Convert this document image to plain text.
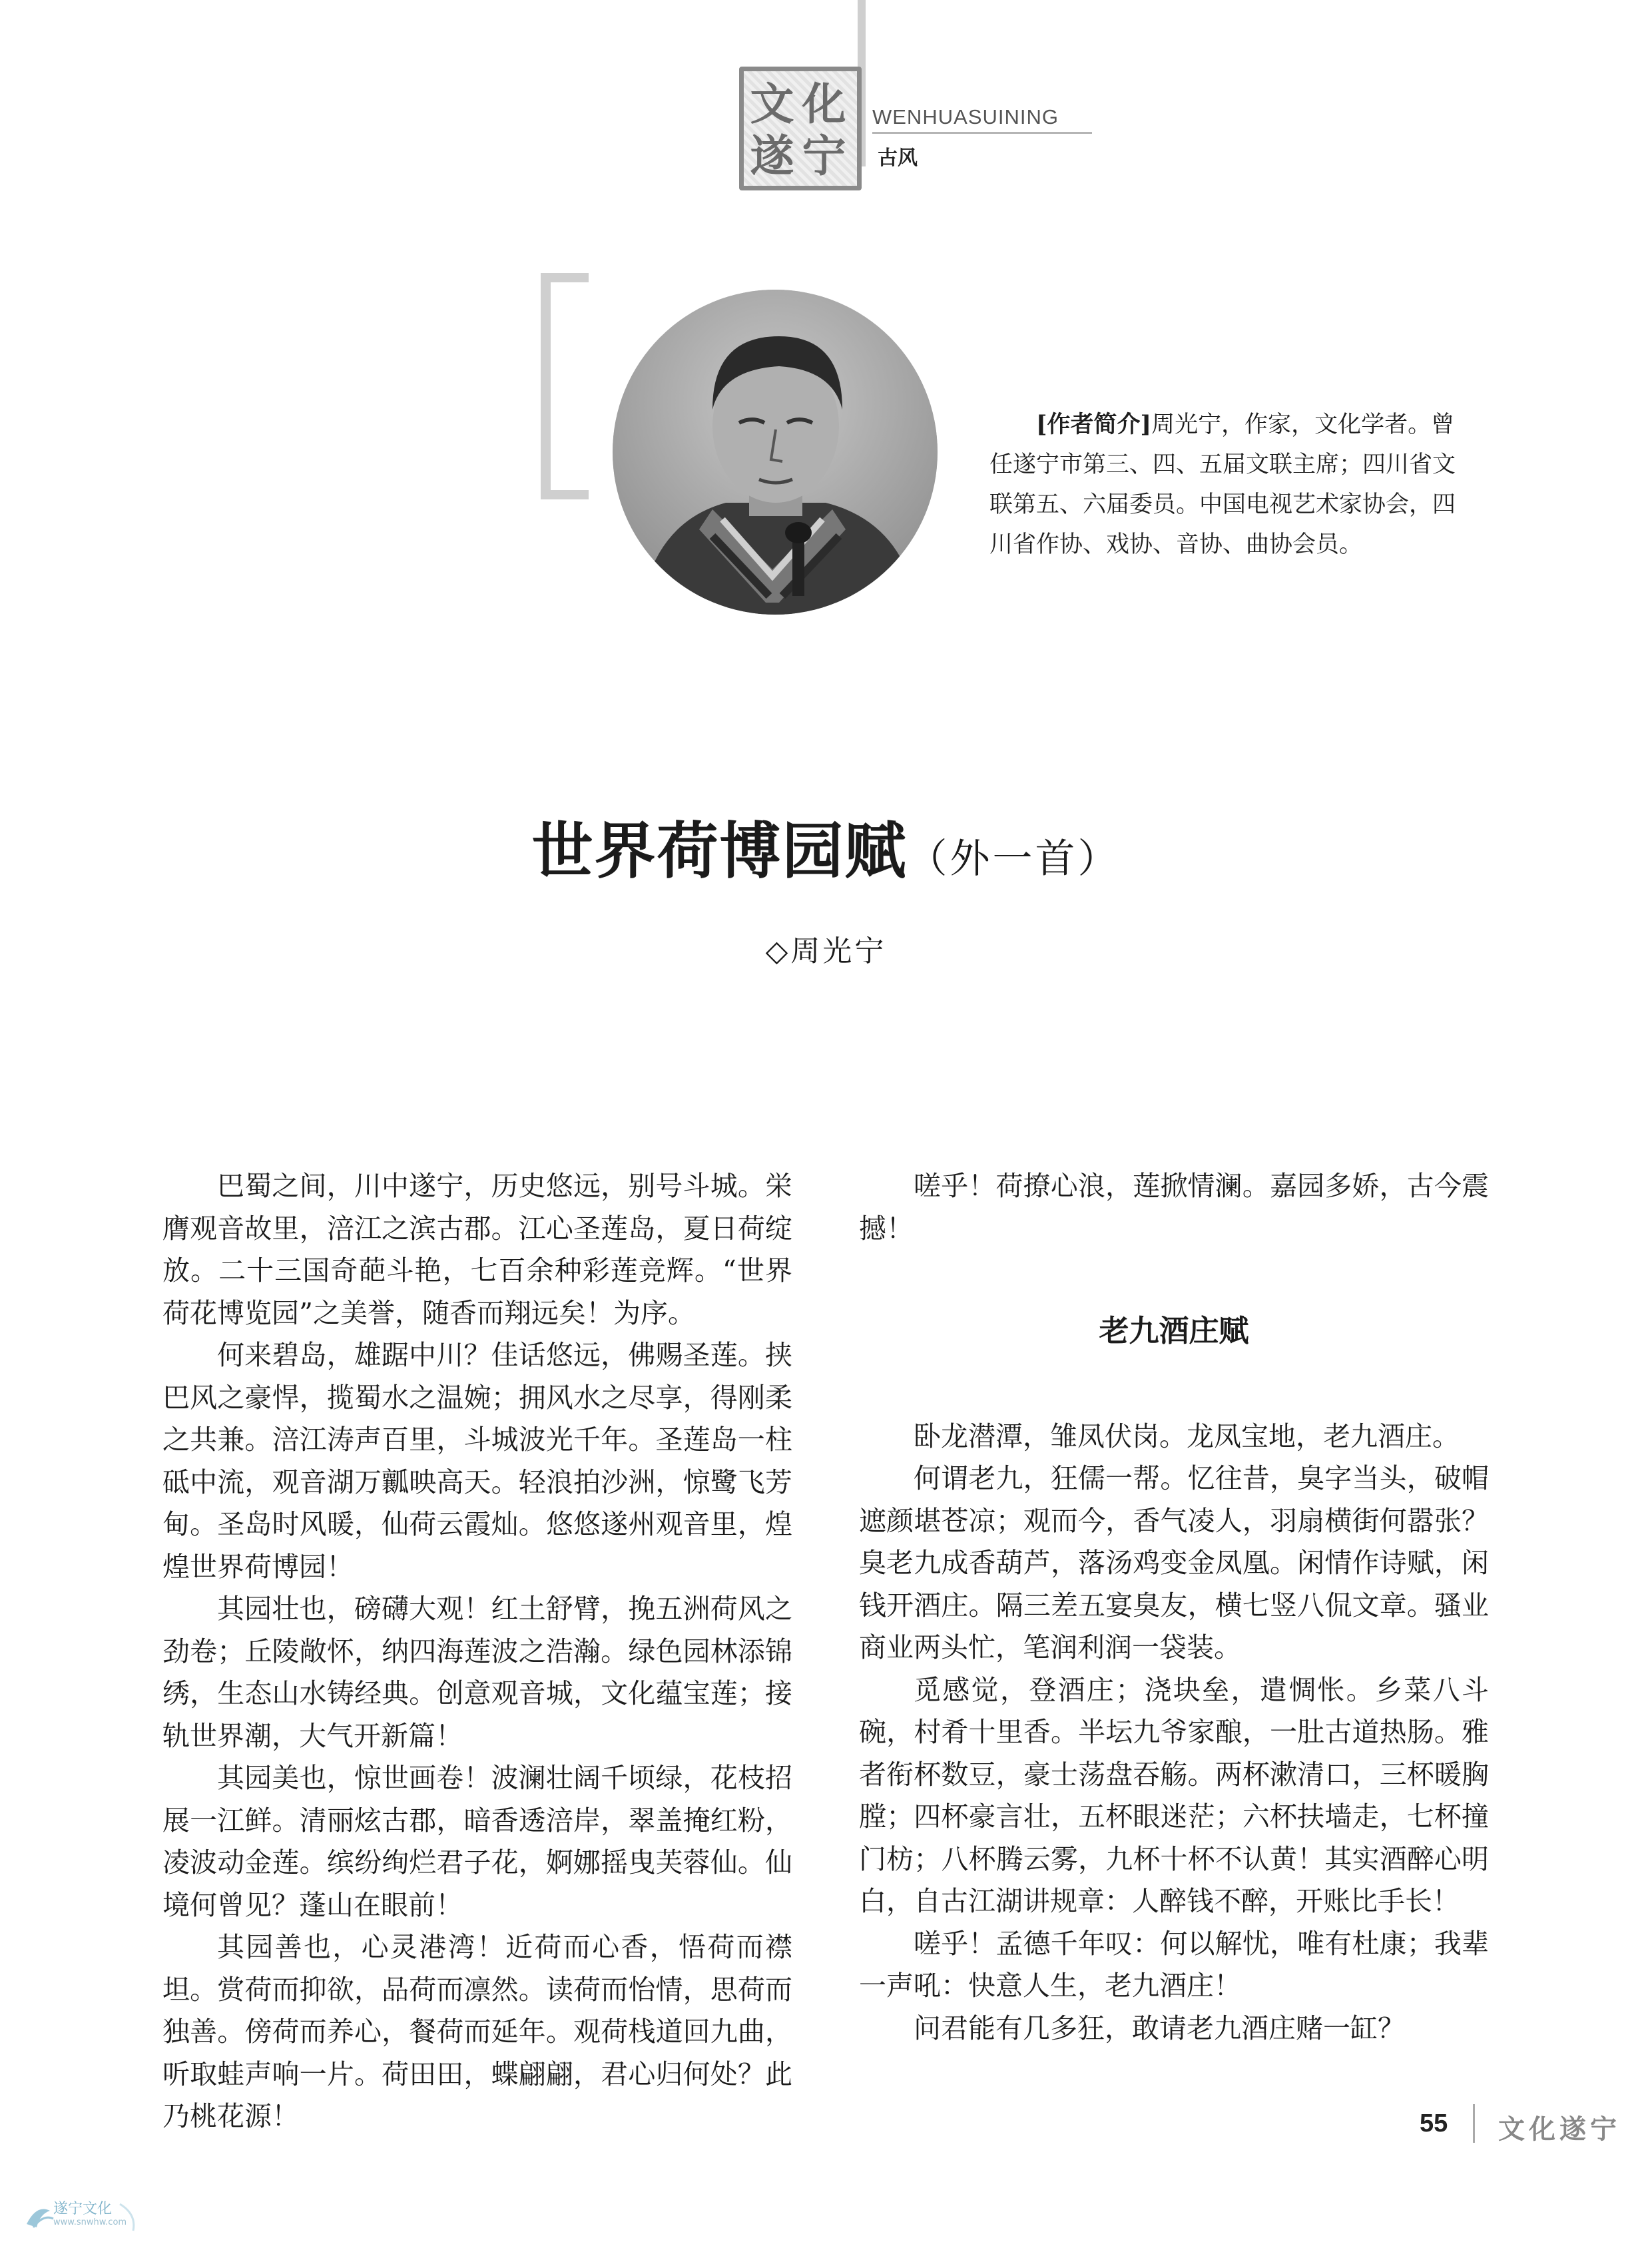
文 化
遂 宁
WENHUASUINING
古风
[作者简介]周光宁，作家，文化学者。曾任遂宁市第三、四、五届文联主席；四川省文联第五、六届委员。中国电视艺术家协会，四川省作协、戏协、音协、曲协会员。
世界荷博园赋（外一首）
◇周光宁

巴蜀之间，川中遂宁，历史悠远，别号斗城。栄膺观音故里，涪江之滨古郡。江心圣莲岛，夏日荷绽放。二十三国奇葩斗艳，七百余种彩莲竞辉。“世界荷花博览园”之美誉，随香而翔远矣！为序。

何来碧岛，雄踞中川？佳话悠远，佛赐圣莲。挟巴风之豪悍，揽蜀水之温婉；拥风水之尽享，得刚柔之共兼。涪江涛声百里，斗城波光千年。圣莲岛一柱砥中流，观音湖万瓤映高天。轻浪拍沙洲，惊鹭飞芳甸。圣岛时风暖，仙荷云霞灿。悠悠遂州观音里，煌煌世界荷博园！

其园壮也，磅礴大观！红土舒臂，挽五洲荷风之劲卷；丘陵敞怀，纳四海莲波之浩瀚。绿色园林添锦绣，生态山水铸经典。创意观音城，文化蕴宝莲；接轨世界潮，大气开新篇！

其园美也，惊世画卷！波澜壮阔千顷绿，花枝招展一江鲜。清丽炫古郡，暗香透涪岸，翠盖掩红粉，凌波动金莲。缤纷绚烂君子花，婀娜摇曳芙蓉仙。仙境何曾见？蓬山在眼前！

其园善也，心灵港湾！近荷而心香，悟荷而襟坦。赏荷而抑欲，品荷而凛然。读荷而怡情，思荷而独善。傍荷而养心，餐荷而延年。观荷栈道回九曲，听取蛙声响一片。荷田田，蝶翩翩，君心归何处？此乃桃花源！

嗟乎！荷撩心浪，莲掀情澜。嘉园多娇，古今震撼！

老九酒庄赋

卧龙潜潭，雏凤伏岗。龙凤宝地，老九酒庄。

何谓老九，狂儒一帮。忆往昔，臭字当头，破帽遮颜堪苍凉；观而今，香气凌人，羽扇横街何嚣张？臭老九成香葫芦，落汤鸡变金凤凰。闲情作诗赋，闲钱开酒庄。隔三差五宴臭友，横七竖八侃文章。骚业商业两头忙，笔润利润一袋装。

觅感觉，登酒庄；浇块垒，遣惆怅。乡菜八斗碗，村肴十里香。半坛九爷家酿，一肚古道热肠。雅者衔杯数豆，豪士荡盘吞觞。两杯漱清口，三杯暖胸膛；四杯豪言壮，五杯眼迷茫；六杯扶墙走，七杯撞门枋；八杯腾云雾，九杯十杯不认黄！其实酒醉心明白，自古江湖讲规章：人醉钱不醉，开账比手长！

嗟乎！孟德千年叹：何以解忧，唯有杜康；我辈一声吼：快意人生，老九酒庄！

问君能有几多狂，敢请老九酒庄赌一缸？

55 文化遂宁
遂宁文化
www.snwhw.com
